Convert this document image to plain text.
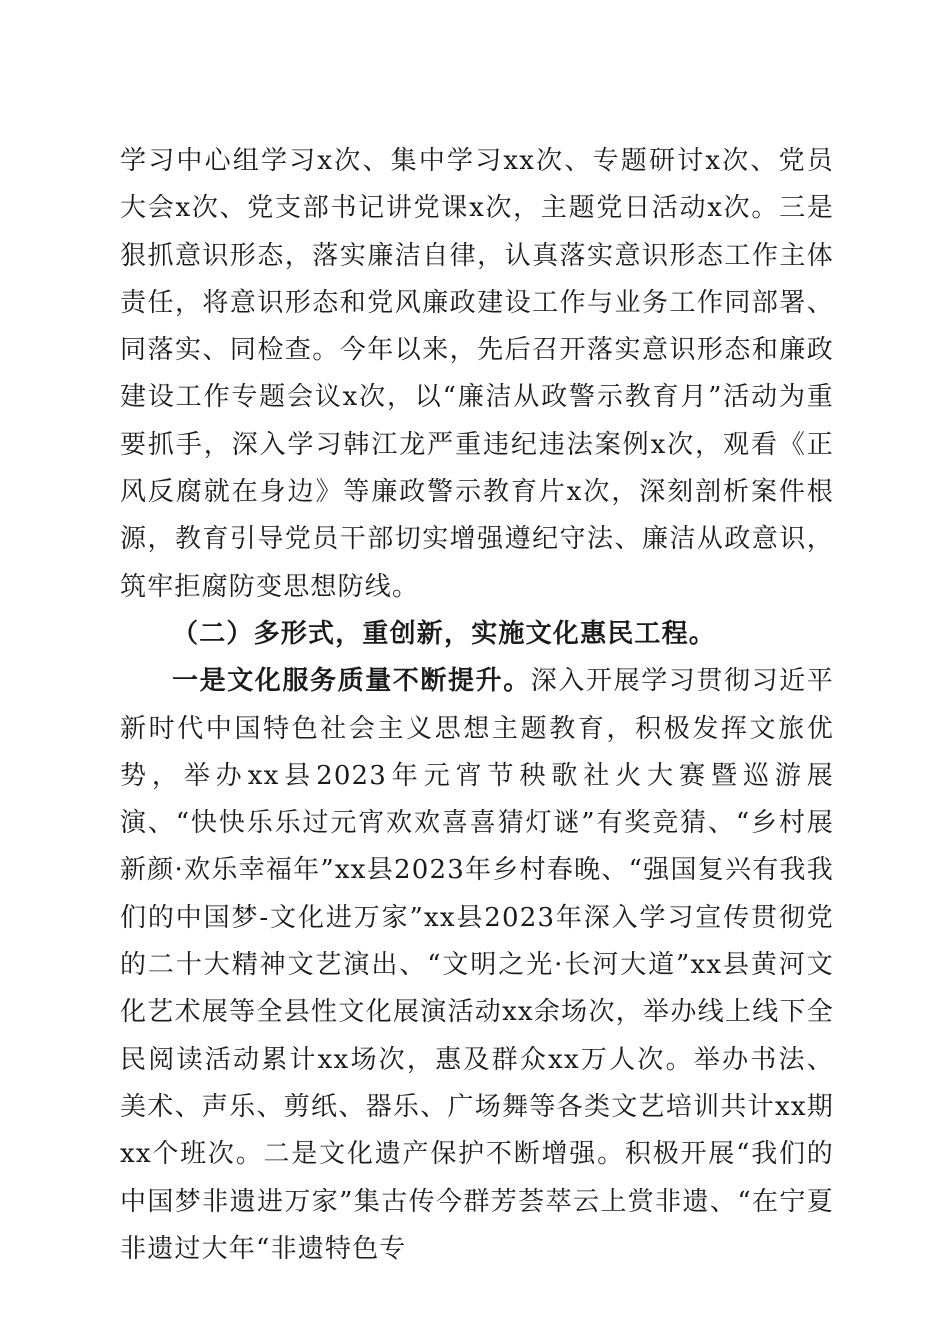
学习中心组学习x次、集中学习xx次、专题研讨x次、党员大会x次、党支部书记讲党课x次，主题党日活动x次。三是狠抓意识形态，落实廉洁自律，认真落实意识形态工作主体责任，将意识形态和党风廉政建设工作与业务工作同部署、同落实、同检查。今年以来，先后召开落实意识形态和廉政建设工作专题会议x次，以“廉洁从政警示教育月”活动为重要抓手，深入学习韩江龙严重违纪违法案例x次，观看《正风反腐就在身边》等廉政警示教育片x次，深刻剖析案件根源，教育引导党员干部切实增强遵纪守法、廉洁从政意识，筑牢拒腐防变思想防线。

（二）多形式，重创新，实施文化惠民工程。

一是文化服务质量不断提升。深入开展学习贯彻习近平新时代中国特色社会主义思想主题教育，积极发挥文旅优势，举办xx县2023年元宵节秧歌社火大赛暨巡游展演、“快快乐乐过元宵欢欢喜喜猜灯谜”有奖竞猜、“乡村展新颜·欢乐幸福年”xx县2023年乡村春晚、“强国复兴有我我们的中国梦-文化进万家”xx县2023年深入学习宣传贯彻党的二十大精神文艺演出、“文明之光·长河大道”xx县黄河文化艺术展等全县性文化展演活动xx余场次，举办线上线下全民阅读活动累计xx场次，惠及群众xx万人次。举办书法、美术、声乐、剪纸、器乐、广场舞等各类文艺培训共计xx期xx个班次。二是文化遗产保护不断增强。积极开展“我们的中国梦非遗进万家”集古传今群芳荟萃云上赏非遗、“在宁夏非遗过大年“非遗特色专
